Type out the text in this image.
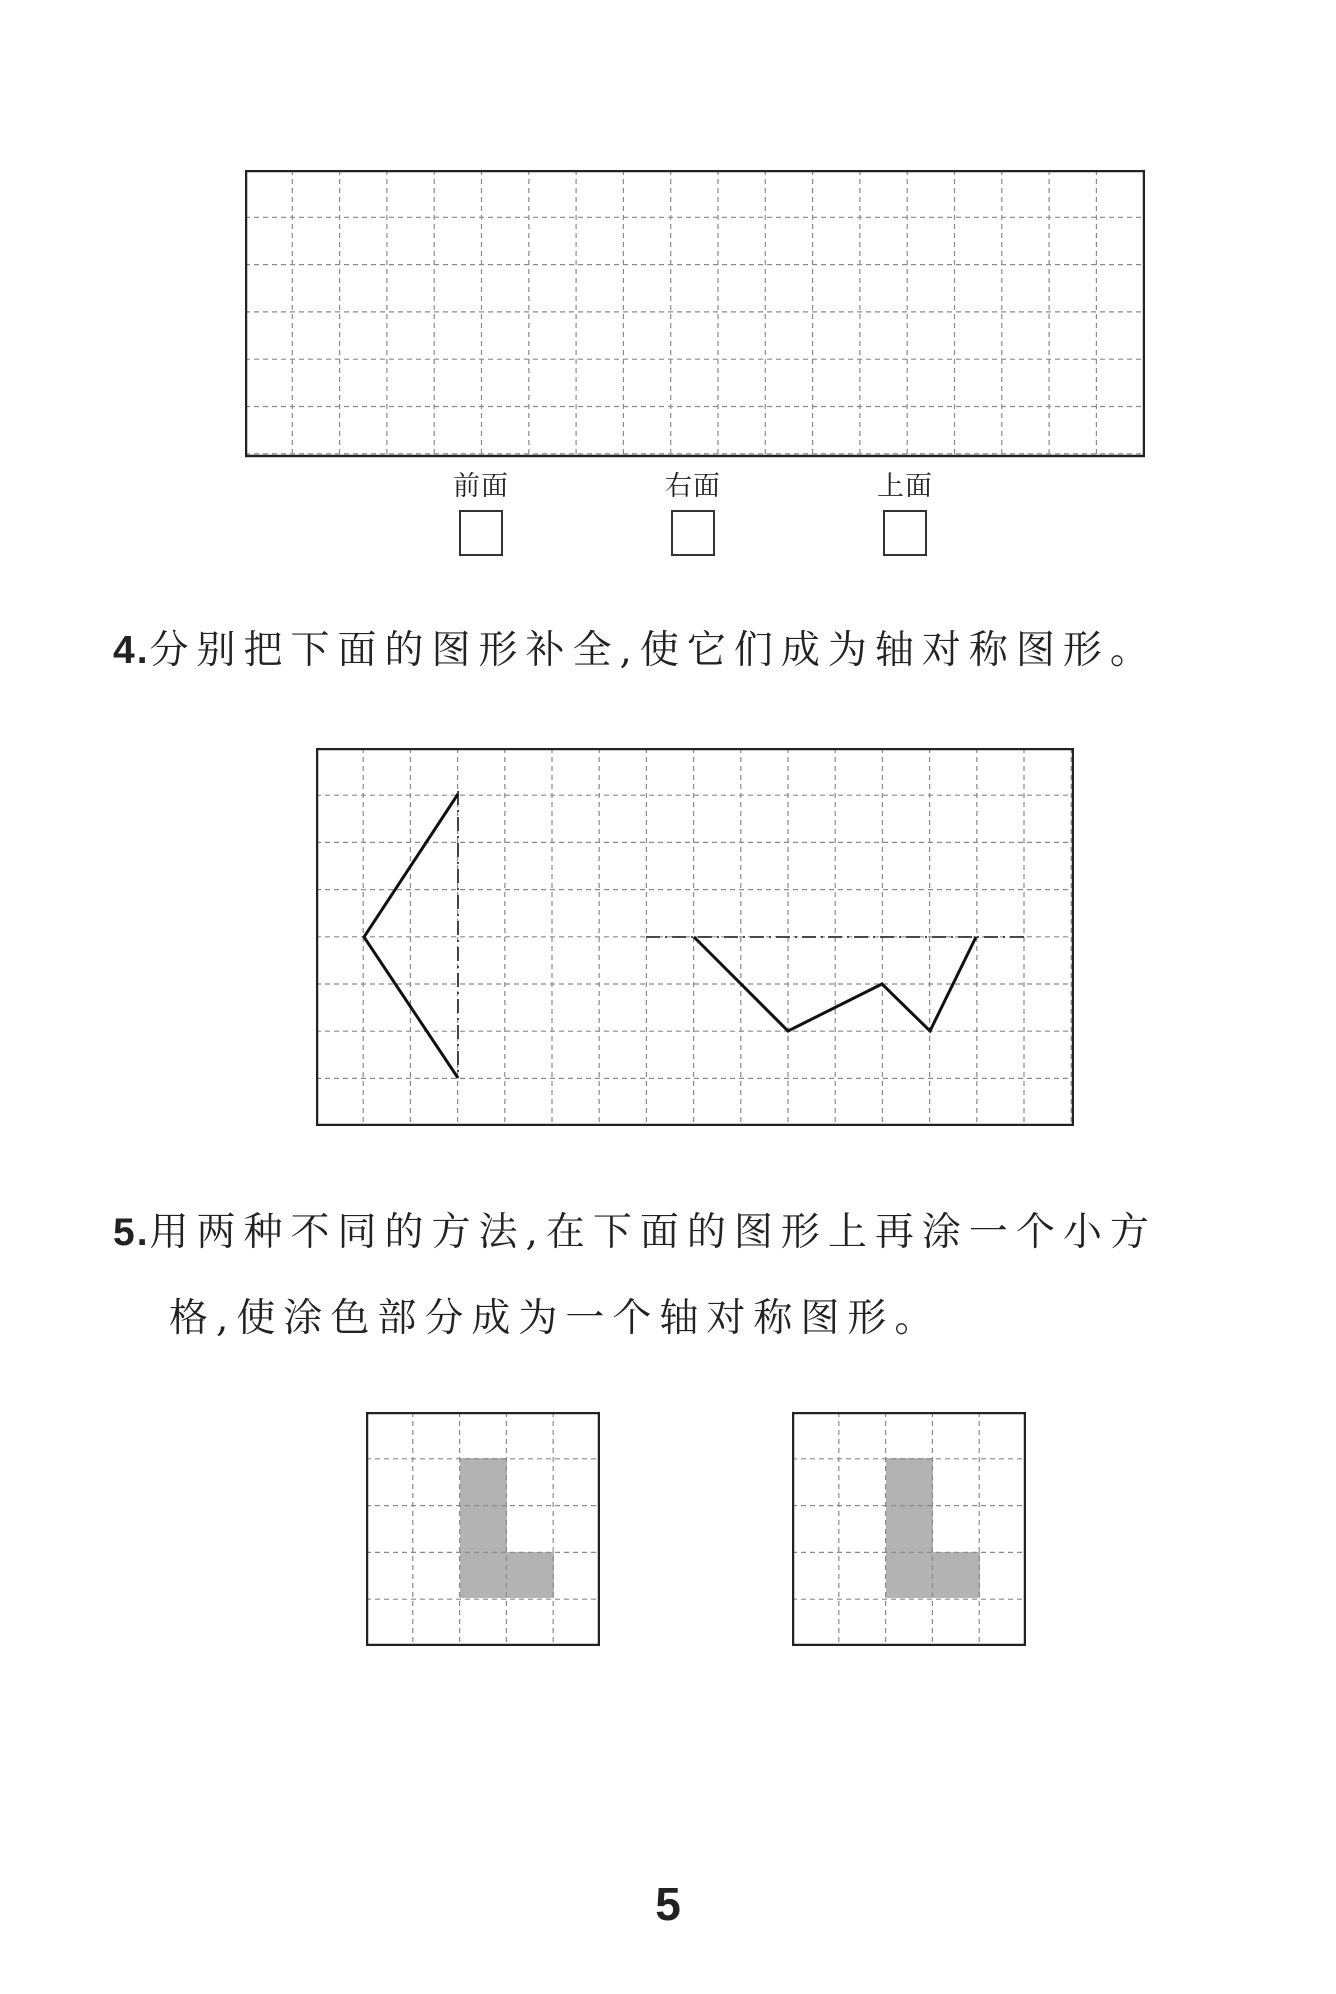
前面	右面	上面
4.分别把下面的图形补全,使它们成为轴对称图形。
5.用两种不同的方法,在下面的图形上再涂一个小方
格,使涂色部分成为一个轴对称图形。
5
